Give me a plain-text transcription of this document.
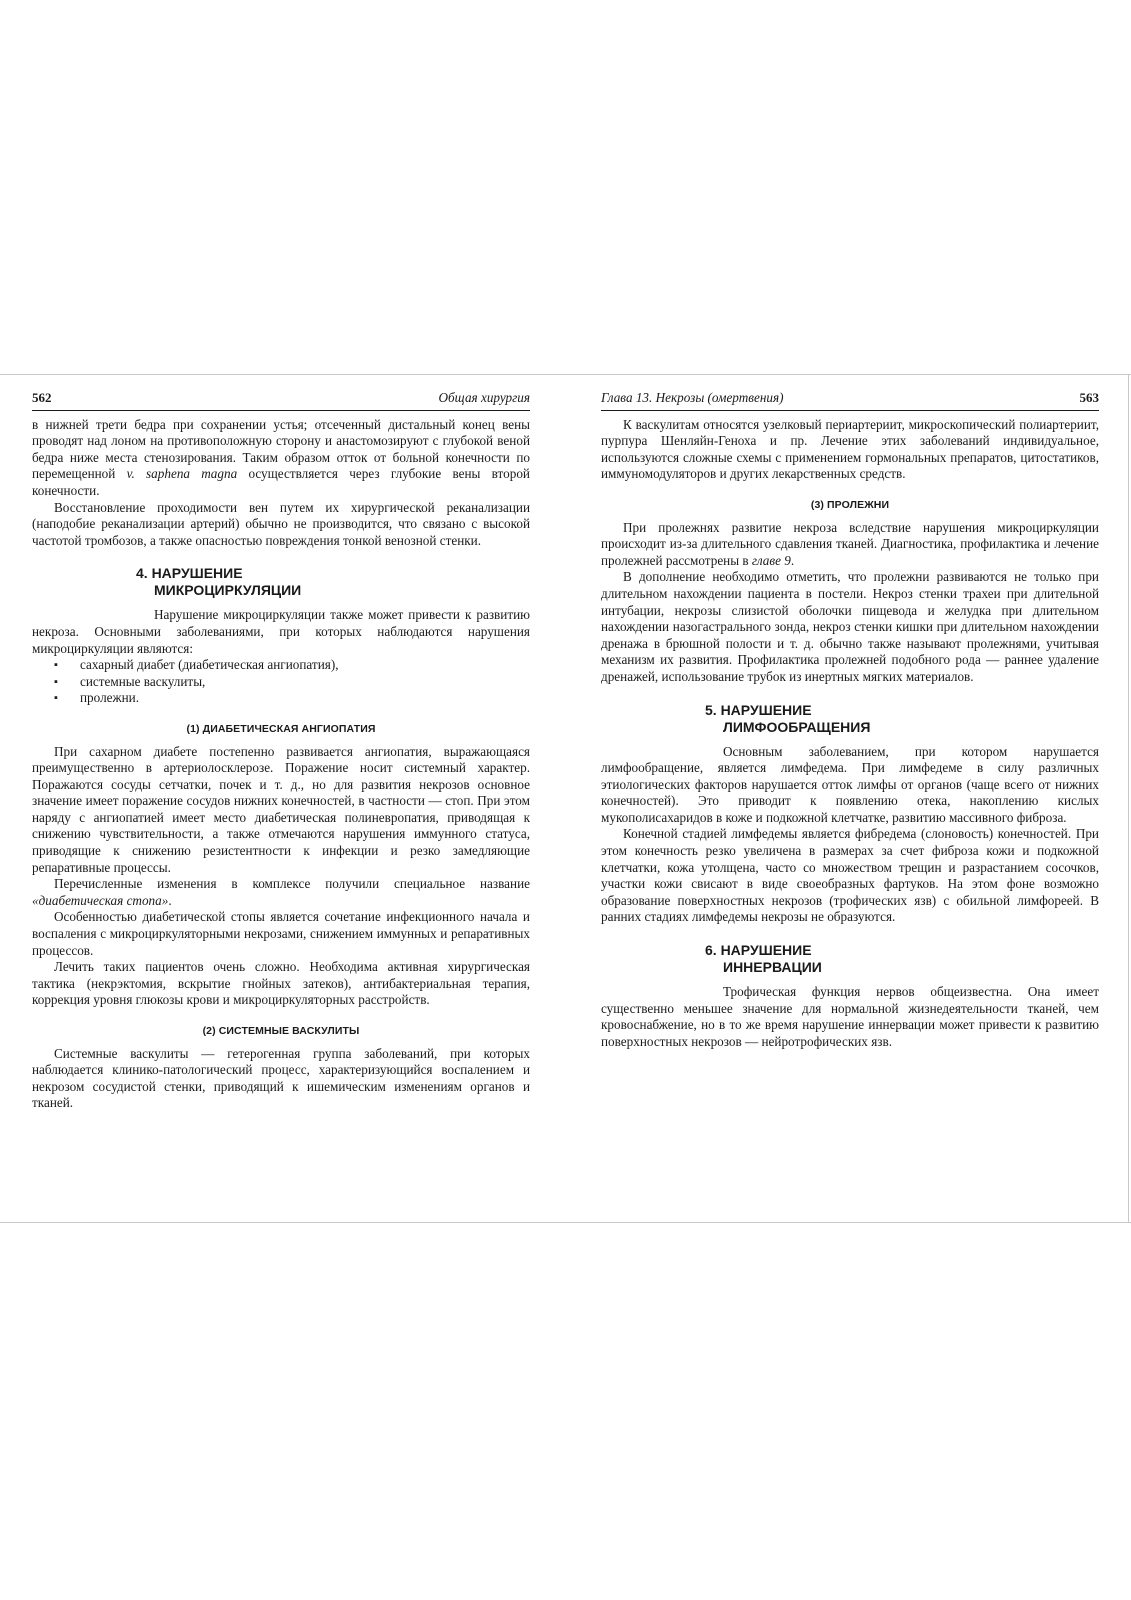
562	Общая хирургия

в нижней трети бедра при сохранении устья; отсеченный дистальный конец вены проводят над лоном на противоположную сторону и анастомозируют с глубокой веной бедра ниже места стенозирования. Таким образом отток от больной конечности по перемещенной v. saphena magna осуществляется через глубокие вены второй конечности.

Восстановление проходимости вен путем их хирургической реканализации (наподобие реканализации артерий) обычно не производится, что связано с высокой частотой тромбозов, а также опасностью повреждения тонкой венозной стенки.

4. НАРУШЕНИЕ
МИКРОЦИРКУЛЯЦИИ

Нарушение микроциркуляции также может привести к развитию некроза. Основными заболеваниями, при которых наблюдаются нарушения микроциркуляции являются:

▪ сахарный диабет (диабетическая ангиопатия),
▪ системные васкулиты,
▪ пролежни.
(1) ДИАБЕТИЧЕСКАЯ АНГИОПАТИЯ

При сахарном диабете постепенно развивается ангиопатия, выражающаяся преимущественно в артериолосклерозе. Поражение носит системный характер. Поражаются сосуды сетчатки, почек и т. д., но для развития некрозов основное значение имеет поражение сосудов нижних конечностей, в частности — стоп. При этом наряду с ангиопатией имеет место диабетическая полиневропатия, приводящая к снижению чувствительности, а также отмечаются нарушения иммунного статуса, приводящие к снижению резистентности к инфекции и резко замедляющие репаративные процессы.

Перечисленные изменения в комплексе получили специальное название «диабетическая стопа».

Особенностью диабетической стопы является сочетание инфекционного начала и воспаления с микроциркуляторными некрозами, снижением иммунных и репаративных процессов.

Лечить таких пациентов очень сложно. Необходима активная хирургическая тактика (некрэктомия, вскрытие гнойных затеков), антибактериальная терапия, коррекция уровня глюкозы крови и микроциркуляторных расстройств.

(2) СИСТЕМНЫЕ ВАСКУЛИТЫ

Системные васкулиты — гетерогенная группа заболеваний, при которых наблюдается клинико-патологический процесс, характеризующийся воспалением и некрозом сосудистой стенки, приводящий к ишемическим изменениям органов и тканей.

Глава 13. Некрозы (омертвения)	563

К васкулитам относятся узелковый периартериит, микроскопический полиартериит, пурпура Шенляйн-Геноха и пр. Лечение этих заболеваний индивидуальное, используются сложные схемы с применением гормональных препаратов, цитостатиков, иммуномодуляторов и других лекарственных средств.

(3) ПРОЛЕЖНИ

При пролежнях развитие некроза вследствие нарушения микроциркуляции происходит из-за длительного сдавления тканей. Диагностика, профилактика и лечение пролежней рассмотрены в главе 9.

В дополнение необходимо отметить, что пролежни развиваются не только при длительном нахождении пациента в постели. Некроз стенки трахеи при длительной интубации, некрозы слизистой оболочки пищевода и желудка при длительном нахождении назогастрального зонда, некроз стенки кишки при длительном нахождении дренажа в брюшной полости и т. д. обычно также называют пролежнями, учитывая механизм их развития. Профилактика пролежней подобного рода — раннее удаление дренажей, использование трубок из инертных мягких материалов.

5. НАРУШЕНИЕ
ЛИМФООБРАЩЕНИЯ

Основным заболеванием, при котором нарушается лимфообращение, является лимфедема. При лимфедеме в силу различных этиологических факторов нарушается отток лимфы от органов (чаще всего от нижних конечностей). Это приводит к появлению отека, накоплению кислых мукополисахаридов в коже и подкожной клетчатке, развитию массивного фиброза.

Конечной стадией лимфедемы является фибредема (слоновость) конечностей. При этом конечность резко увеличена в размерах за счет фиброза кожи и подкожной клетчатки, кожа утолщена, часто со множеством трещин и разрастанием сосочков, участки кожи свисают в виде своеобразных фартуков. На этом фоне возможно образование поверхностных некрозов (трофических язв) с обильной лимфореей. В ранних стадиях лимфедемы некрозы не образуются.

6. НАРУШЕНИЕ
ИННЕРВАЦИИ

Трофическая функция нервов общеизвестна. Она имеет существенно меньшее значение для нормальной жизнедеятельности тканей, чем кровоснабжение, но в то же время нарушение иннервации может привести к развитию поверхностных некрозов — нейротрофических язв.
